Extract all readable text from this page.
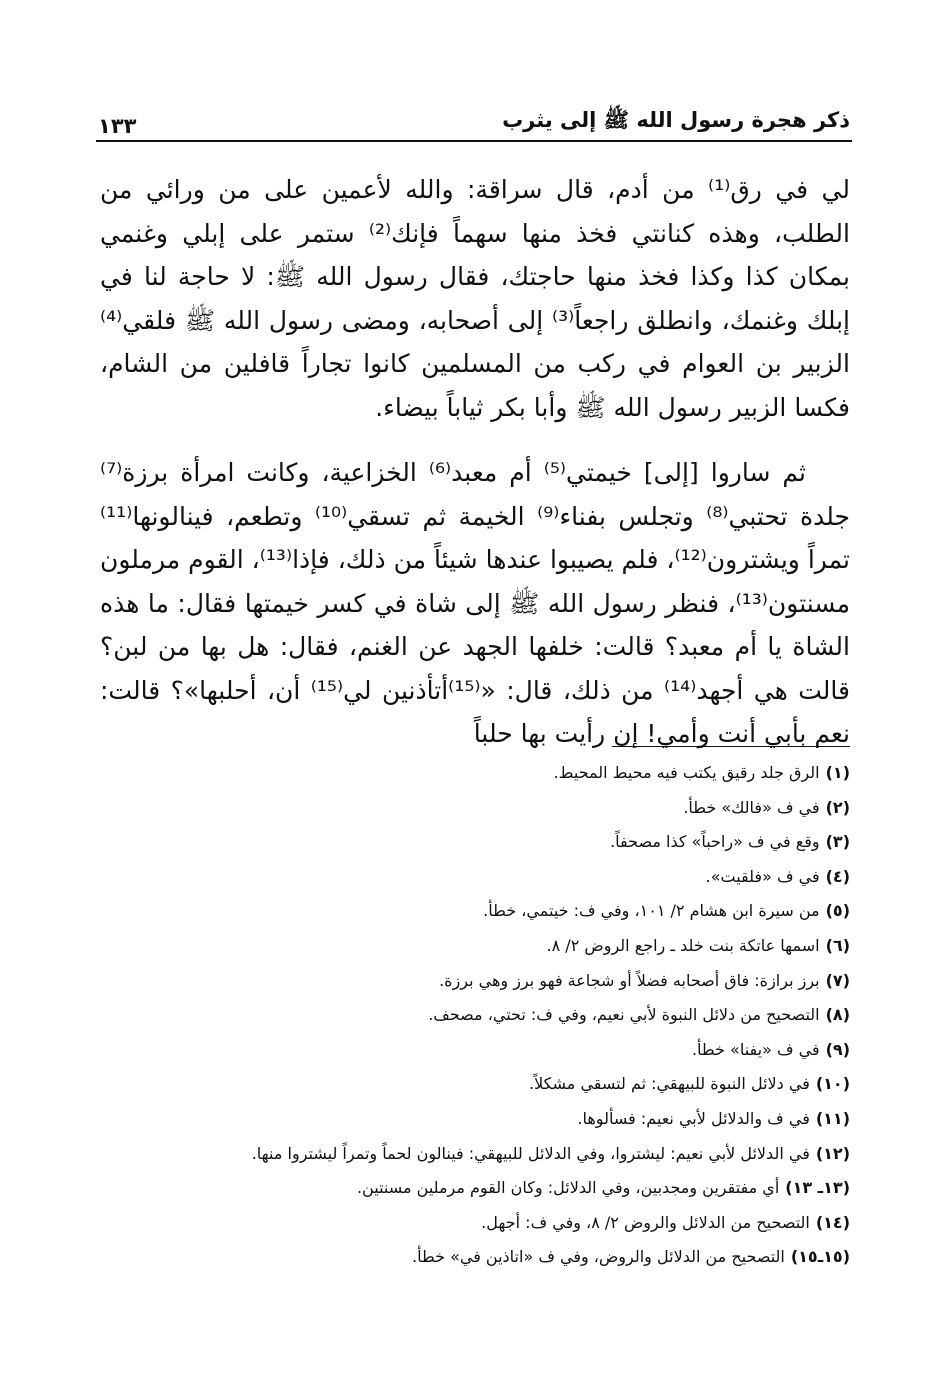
ذكر هجرة رسول الله ﷺ إلى يثرب
١٣٣

لي في رق⁽¹⁾ من أدم، قال سراقة: والله لأعمين على من ورائي من الطلب، وهذه كنانتي فخذ منها سهماً فإنك⁽²⁾ ستمر على إبلي وغنمي بمكان كذا وكذا فخذ منها حاجتك، فقال رسول الله ﷺ: لا حاجة لنا في إبلك وغنمك، وانطلق راجعاً⁽³⁾ إلى أصحابه، ومضى رسول الله ﷺ فلقي⁽⁴⁾ الزبير بن العوام في ركب من المسلمين كانوا تجاراً قافلين من الشام، فكسا الزبير رسول الله ﷺ وأبا بكر ثياباً بيضاء.

ثم ساروا [إلى] خيمتي⁽⁵⁾ أم معبد⁽⁶⁾ الخزاعية، وكانت امرأة برزة⁽⁷⁾ جلدة تحتبي⁽⁸⁾ وتجلس بفناء⁽⁹⁾ الخيمة ثم تسقي⁽¹⁰⁾ وتطعم، فينالونها⁽¹¹⁾ تمراً ويشترون⁽¹²⁾، فلم يصيبوا عندها شيئاً من ذلك، فإذا⁽¹³⁾، القوم مرملون مسنتون⁽¹³⁾، فنظر رسول الله ﷺ إلى شاة في كسر خيمتها فقال: ما هذه الشاة يا أم معبد؟ قالت: خلفها الجهد عن الغنم، فقال: هل بها من لبن؟ قالت هي أجهد⁽¹⁴⁾ من ذلك، قال: «⁽¹⁵⁾أتأذنين لي⁽¹⁵⁾ أن، أحلبها»؟ قالت: نعم بأبي أنت وأمي! إن رأيت بها حلباً

(١)الرق جلد رقيق يكتب فيه محيط المحيط.
(٢)في ف «فالك» خطأ.
(٣)وقع في ف «راحباً» كذا مصحفاً.
(٤)في ف «فلقيت».
(٥)من سيرة ابن هشام ٢/ ١٠١، وفي ف: خيتمي، خطأ.
(٦)اسمها عاتكة بنت خلد ـ راجع الروض ٢/ ٨.
(٧)برز برازة: فاق أصحابه فضلاً أو شجاعة فهو برز وهي برزة.
(٨)التصحيح من دلائل النبوة لأبي نعيم، وفي ف: تحتي، مصحف.
(٩)في ف «يفنا» خطأ.
(١٠)في دلائل النبوة للبيهقي: ثم لتسقي مشكلاً.
(١١)في ف والدلائل لأبي نعيم: فسألوها.
(١٢)في الدلائل لأبي نعيم: ليشتروا، وفي الدلائل للبيهقي: فينالون لحماً وتمراً ليشتروا منها.
(١٣ـ ١٣)أي مفتقرين ومجدبين، وفي الدلائل: وكان القوم مرملين مسنتين.
(١٤)التصحيح من الدلائل والروض ٢/ ٨، وفي ف: أجهل.
(١٥ـ١٥)التصحيح من الدلائل والروض، وفي ف «اتاذين في» خطأ.
